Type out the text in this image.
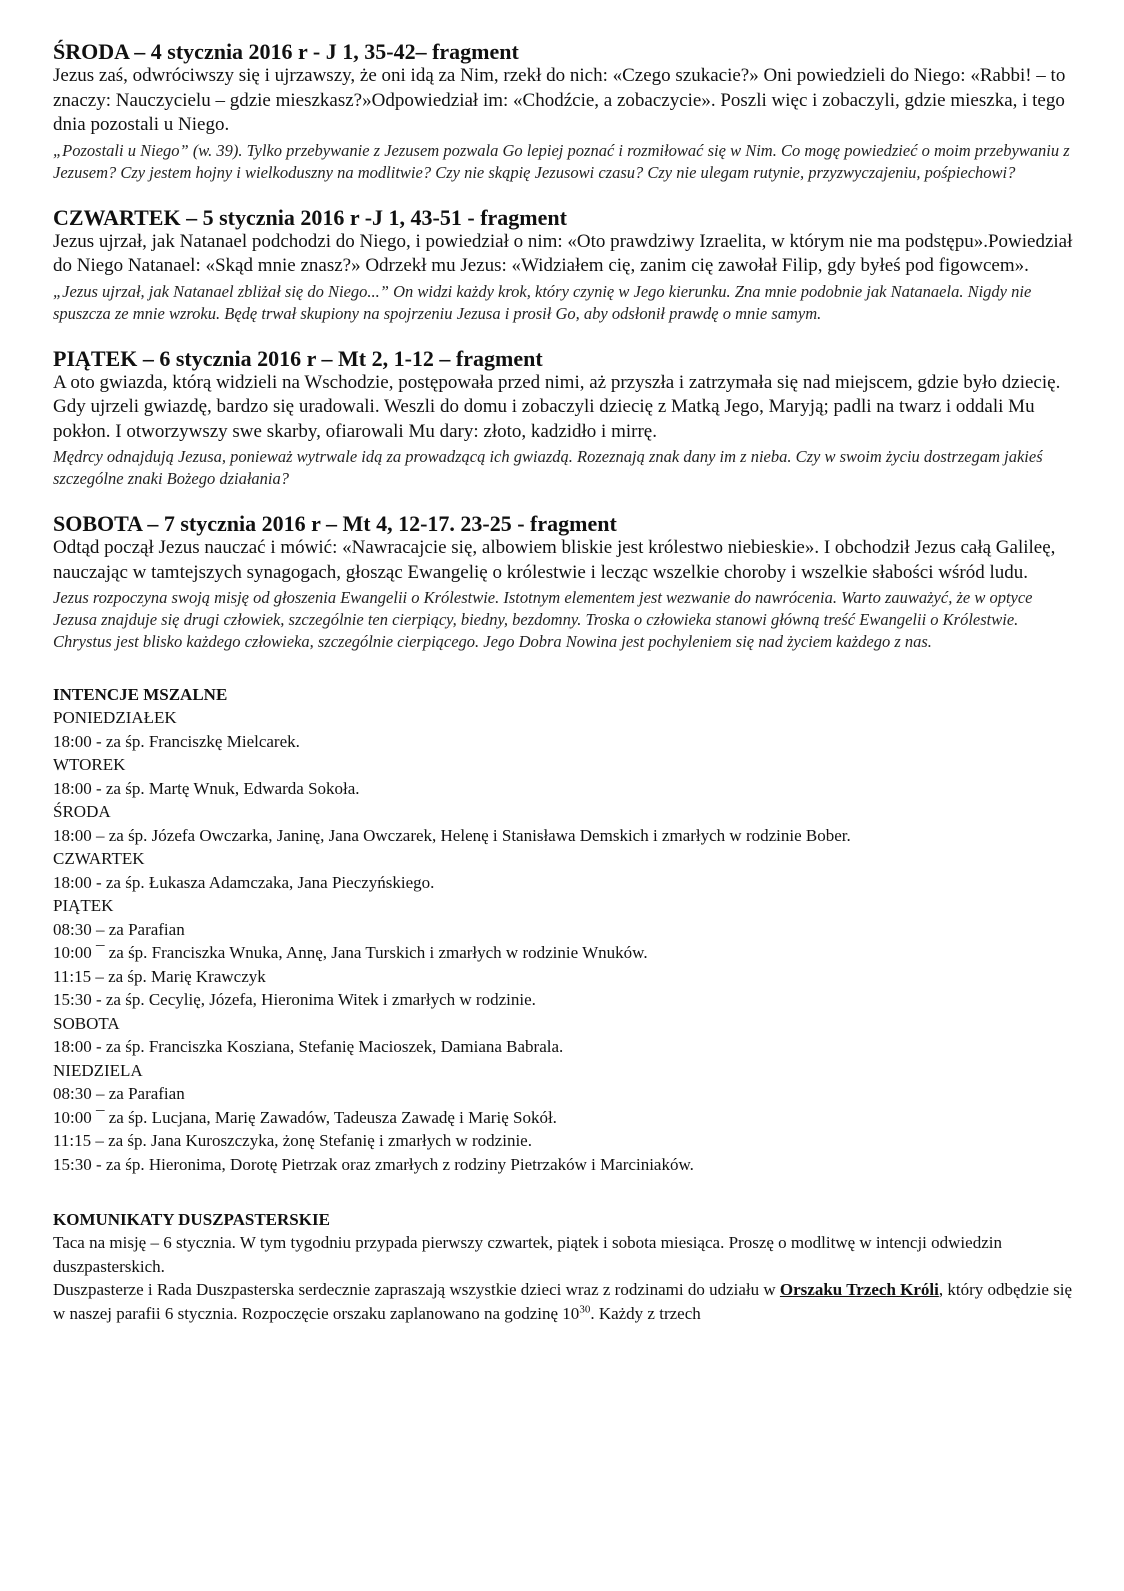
ŚRODA – 4 stycznia 2016 r - J 1, 35-42– fragment

Jezus zaś, odwróciwszy się i ujrzawszy, że oni idą za Nim, rzekł do nich: «Czego szukacie?» Oni powiedzieli do Niego: «Rabbi! – to znaczy: Nauczycielu – gdzie mieszkasz?»Odpowiedział im: «Chodźcie, a zobaczycie». Poszli więc i zobaczyli, gdzie mieszka, i tego dnia pozostali u Niego.

„Pozostali u Niego” (w. 39). Tylko przebywanie z Jezusem pozwala Go lepiej poznać i rozmiłować się w Nim. Co mogę powiedzieć o moim przebywaniu z Jezusem? Czy jestem hojny i wielkoduszny na modlitwie? Czy nie skąpię Jezusowi czasu? Czy nie ulegam rutynie, przyzwyczajeniu, pośpiechowi?

CZWARTEK – 5 stycznia 2016 r -J 1, 43-51 - fragment

Jezus ujrzał, jak Natanael podchodzi do Niego, i powiedział o nim: «Oto prawdziwy Izraelita, w którym nie ma podstępu».Powiedział do Niego Natanael: «Skąd mnie znasz?» Odrzekł mu Jezus: «Widziałem cię, zanim cię zawołał Filip, gdy byłeś pod figowcem».

„Jezus ujrzał, jak Natanael zbliżał się do Niego...” On widzi każdy krok, który czynię w Jego kierunku. Zna mnie podobnie jak Natanaela. Nigdy nie spuszcza ze mnie wzroku. Będę trwał skupiony na spojrzeniu Jezusa i prosił Go, aby odsłonił prawdę o mnie samym.

PIĄTEK – 6 stycznia 2016 r – Mt 2, 1-12 – fragment

A oto gwiazda, którą widzieli na Wschodzie, postępowała przed nimi, aż przyszła i zatrzymała się nad miejscem, gdzie było dziecię. Gdy ujrzeli gwiazdę, bardzo się uradowali. Weszli do domu i zobaczyli dziecię z Matką Jego, Maryją; padli na twarz i oddali Mu pokłon. I otworzywszy swe skarby, ofiarowali Mu dary: złoto, kadzidło i mirrę.

Mędrcy odnajdują Jezusa, ponieważ wytrwale idą za prowadzącą ich gwiazdą. Rozeznają znak dany im z nieba. Czy w swoim życiu dostrzegam jakieś szczególne znaki Bożego działania?

SOBOTA – 7 stycznia 2016 r – Mt 4, 12-17. 23-25 - fragment

Odtąd począł Jezus nauczać i mówić: «Nawracajcie się, albowiem bliskie jest królestwo niebieskie». I obchodził Jezus całą Galileę, nauczając w tamtejszych synagogach, głosząc Ewangelię o królestwie i lecząc wszelkie choroby i wszelkie słabości wśród ludu.

Jezus rozpoczyna swoją misję od głoszenia Ewangelii o Królestwie. Istotnym elementem jest wezwanie do nawrócenia. Warto zauważyć, że w optyce Jezusa znajduje się drugi człowiek, szczególnie ten cierpiący, biedny, bezdomny. Troska o człowieka stanowi główną treść Ewangelii o Królestwie. Chrystus jest blisko każdego człowieka, szczególnie cierpiącego. Jego Dobra Nowina jest pochyleniem się nad życiem każdego z nas.

INTENCJE MSZALNE

PONIEDZIAŁEK

18:00 - za śp. Franciszkę Mielcarek.

WTOREK

18:00 - za śp. Martę Wnuk, Edwarda Sokoła.

ŚRODA

18:00 – za śp. Józefa Owczarka, Janinę, Jana Owczarek, Helenę i Stanisława Demskich i zmarłych w rodzinie Bober.

CZWARTEK

18:00 - za śp. Łukasza Adamczaka, Jana Pieczyńskiego.

PIĄTEK

08:30 – za Parafian

10:00 ¯ za śp. Franciszka Wnuka, Annę, Jana Turskich i zmarłych w rodzinie Wnuków.

11:15 – za śp. Marię Krawczyk

15:30 - za śp. Cecylię, Józefa, Hieronima Witek i zmarłych w rodzinie.

SOBOTA

18:00 - za śp. Franciszka Kosziana, Stefanię Macioszek, Damiana Babrala.

NIEDZIELA

08:30 – za Parafian

10:00 ¯ za śp. Lucjana, Marię Zawadów, Tadeusza Zawadę i Marię Sokół.

11:15 – za śp. Jana Kuroszczyka, żonę Stefanię i zmarłych w rodzinie.

15:30 - za śp. Hieronima, Dorotę Pietrzak oraz zmarłych z rodziny Pietrzaków i Marciniaków.

KOMUNIKATY DUSZPASTERSKIE

Taca na misję – 6 stycznia. W tym tygodniu przypada pierwszy czwartek, piątek i sobota miesiąca. Proszę o modlitwę w intencji odwiedzin duszpasterskich.

Duszpasterze i Rada Duszpasterska serdecznie zapraszają wszystkie dzieci wraz z rodzinami do udziału w Orszaku Trzech Króli, który odbędzie się w naszej parafii 6 stycznia. Rozpoczęcie orszaku zaplanowano na godzinę $10^{30}$. Każdy z trzech
